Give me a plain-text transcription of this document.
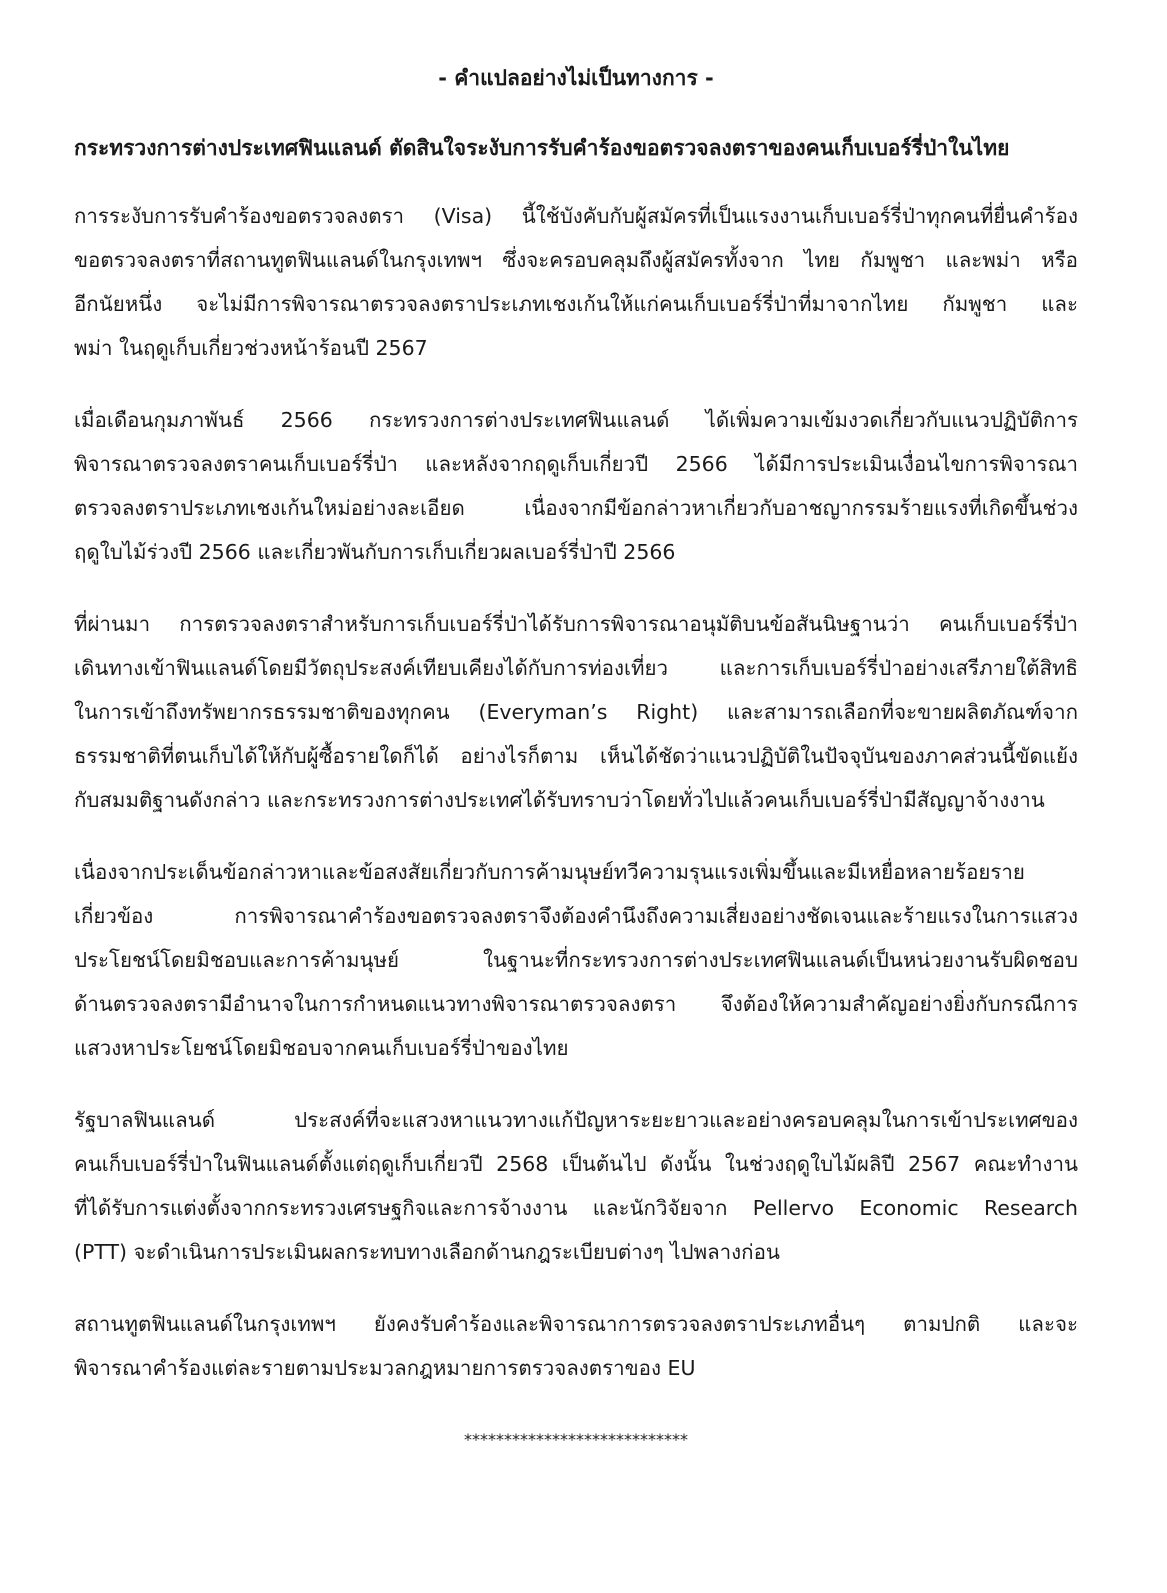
- คำแปลอย่างไม่เป็นทางการ -
กระทรวงการต่างประเทศฟินแลนด์ ตัดสินใจระงับการรับคำร้องขอตรวจลงตราของคนเก็บเบอร์รี่ป่าในไทย
การระงับการรับคำร้องขอตรวจลงตรา (Visa) นี้ใช้บังคับกับผู้สมัครที่เป็นแรงงานเก็บเบอร์รี่ป่าทุกคนที่ยื่นคำร้อง
ขอตรวจลงตราที่สถานทูตฟินแลนด์ในกรุงเทพฯ ซึ่งจะครอบคลุมถึงผู้สมัครทั้งจาก ไทย กัมพูชา และพม่า หรือ
อีกนัยหนึ่ง จะไม่มีการพิจารณาตรวจลงตราประเภทเชงเก้นให้แก่คนเก็บเบอร์รี่ป่าที่มาจากไทย กัมพูชา และ
พม่า ในฤดูเก็บเกี่ยวช่วงหน้าร้อนปี 2567
เมื่อเดือนกุมภาพันธ์ 2566 กระทรวงการต่างประเทศฟินแลนด์ ได้เพิ่มความเข้มงวดเกี่ยวกับแนวปฏิบัติการ
พิจารณาตรวจลงตราคนเก็บเบอร์รี่ป่า และหลังจากฤดูเก็บเกี่ยวปี 2566 ได้มีการประเมินเงื่อนไขการพิจารณา
ตรวจลงตราประเภทเชงเก้นใหม่อย่างละเอียด เนื่องจากมีข้อกล่าวหาเกี่ยวกับอาชญากรรมร้ายแรงที่เกิดขึ้นช่วง
ฤดูใบไม้ร่วงปี 2566 และเกี่ยวพันกับการเก็บเกี่ยวผลเบอร์รี่ป่าปี 2566
ที่ผ่านมา การตรวจลงตราสำหรับการเก็บเบอร์รี่ป่าได้รับการพิจารณาอนุมัติบนข้อสันนิษฐานว่า คนเก็บเบอร์รี่ป่า
เดินทางเข้าฟินแลนด์โดยมีวัตถุประสงค์เทียบเคียงได้กับการท่องเที่ยว และการเก็บเบอร์รี่ป่าอย่างเสรีภายใต้สิทธิ
ในการเข้าถึงทรัพยากรธรรมชาติของทุกคน (Everyman’s Right) และสามารถเลือกที่จะขายผลิตภัณฑ์จาก
ธรรมชาติที่ตนเก็บได้ให้กับผู้ซื้อรายใดก็ได้ อย่างไรก็ตาม เห็นได้ชัดว่าแนวปฏิบัติในปัจจุบันของภาคส่วนนี้ขัดแย้ง
กับสมมติฐานดังกล่าว และกระทรวงการต่างประเทศได้รับทราบว่าโดยทั่วไปแล้วคนเก็บเบอร์รี่ป่ามีสัญญาจ้างงาน
เนื่องจากประเด็นข้อกล่าวหาและข้อสงสัยเกี่ยวกับการค้ามนุษย์ทวีความรุนแรงเพิ่มขึ้นและมีเหยื่อหลายร้อยราย
เกี่ยวข้อง การพิจารณาคำร้องขอตรวจลงตราจึงต้องคำนึงถึงความเสี่ยงอย่างชัดเจนและร้ายแรงในการแสวง
ประโยชน์โดยมิชอบและการค้ามนุษย์ ในฐานะที่กระทรวงการต่างประเทศฟินแลนด์เป็นหน่วยงานรับผิดชอบ
ด้านตรวจลงตรามีอำนาจในการกำหนดแนวทางพิจารณาตรวจลงตรา จึงต้องให้ความสำคัญอย่างยิ่งกับกรณีการ
แสวงหาประโยชน์โดยมิชอบจากคนเก็บเบอร์รี่ป่าของไทย
รัฐบาลฟินแลนด์ ประสงค์ที่จะแสวงหาแนวทางแก้ปัญหาระยะยาวและอย่างครอบคลุมในการเข้าประเทศของ
คนเก็บเบอร์รี่ป่าในฟินแลนด์ตั้งแต่ฤดูเก็บเกี่ยวปี 2568 เป็นต้นไป ดังนั้น ในช่วงฤดูใบไม้ผลิปี 2567 คณะทำงาน
ที่ได้รับการแต่งตั้งจากกระทรวงเศรษฐกิจและการจ้างงาน และนักวิจัยจาก Pellervo Economic Research
(PTT) จะดำเนินการประเมินผลกระทบทางเลือกด้านกฎระเบียบต่างๆ ไปพลางก่อน
สถานทูตฟินแลนด์ในกรุงเทพฯ ยังคงรับคำร้องและพิจารณาการตรวจลงตราประเภทอื่นๆ ตามปกติ และจะ
พิจารณาคำร้องแต่ละรายตามประมวลกฎหมายการตรวจลงตราของ EU
****************************
